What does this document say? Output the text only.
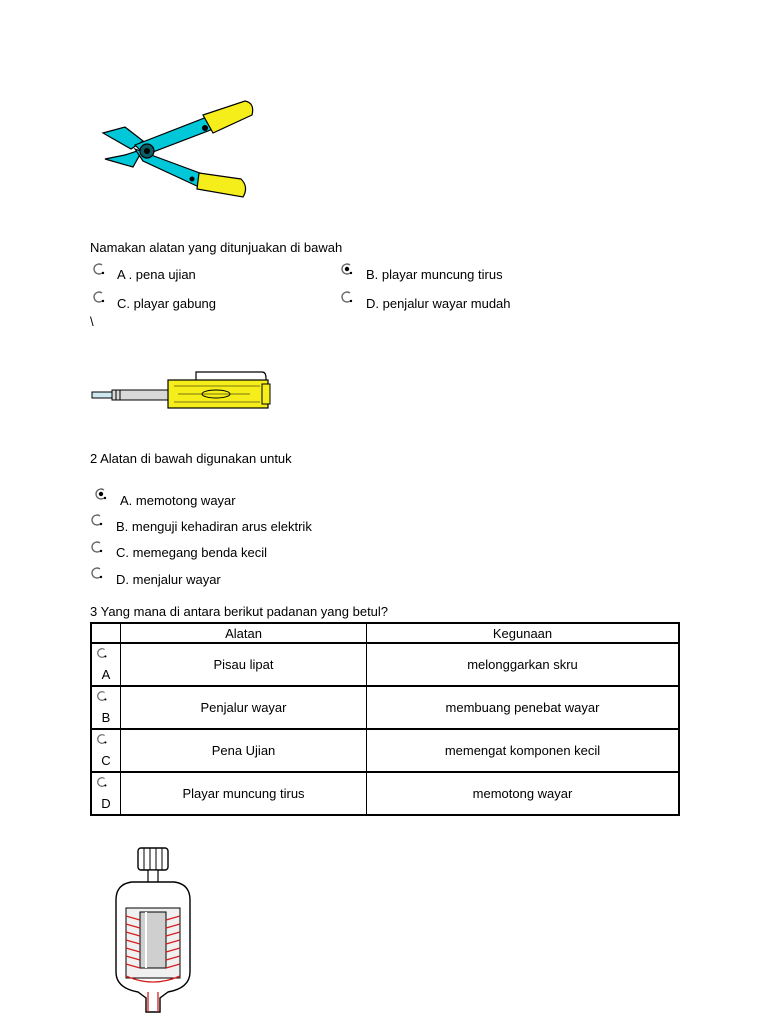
Namakan alatan yang ditunjuakan di bawah
A . pena ujian	B. playar muncung tirus
C. playar gabung	D. penjalur wayar mudah
\
2 Alatan di bawah digunakan untuk
A. memotong wayar
B. menguji kehadiran arus elektrik
C. memegang benda kecil
D. menjalur wayar
3 Yang mana di antara berikut padanan yang betul?
	Alatan	Kegunaan

A	Pisau lipat	melonggarkan skru

B	Penjalur wayar	membuang penebat wayar

C	Pena Ujian	memengat komponen kecil

D	Playar muncung tirus	memotong wayar
